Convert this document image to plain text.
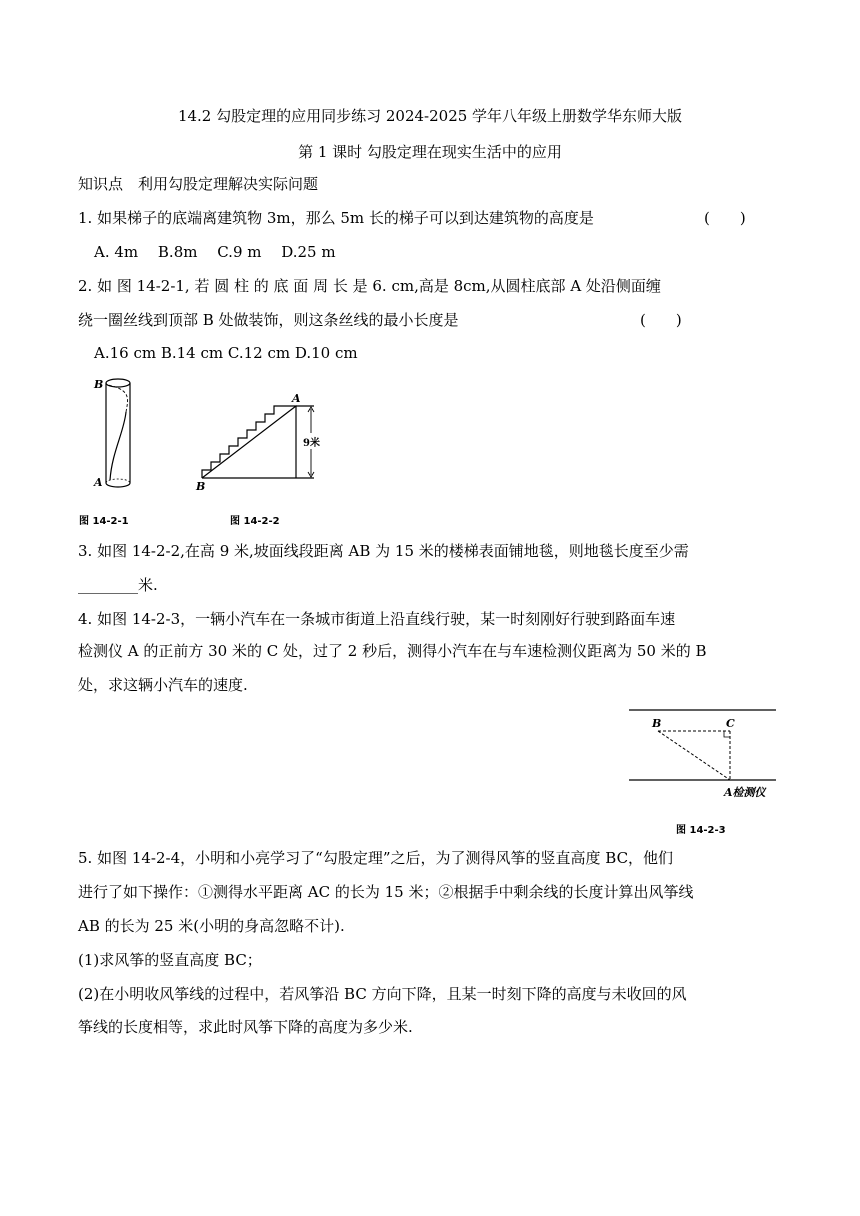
14.2 勾股定理的应用同步练习 2024-2025 学年八年级上册数学华东师大版
第 1 课时 勾股定理在现实生活中的应用
知识点　利用勾股定理解决实际问题
1. 如果梯子的底端离建筑物 3m，那么 5m 长的梯子可以到达建筑物的高度是	(　　)
A. 4m　 B.8m　 C.9 m　 D.25 m
2. 如 图 14-2-1, 若 圆 柱 的 底 面 周 长 是 6. cm,高是 8cm,从圆柱底部 A 处沿侧面缠
绕一圈丝线到顶部 B 处做装饰，则这条丝线的最小长度是	(　　)
A.16 cm B.14 cm C.12 cm D.10 cm
B
A
图 14-2-1
9米
A
B
图 14-2-2
3. 如图 14-2-2,在高 9 米,坡面线段距离 AB 为 15 米的楼梯表面铺地毯，则地毯长度至少需
________米.
4. 如图 14-2-3，一辆小汽车在一条城市街道上沿直线行驶，某一时刻刚好行驶到路面车速
检测仪 A 的正前方 30 米的 C 处，过了 2 秒后，测得小汽车在与车速检测仪距离为 50 米的 B
处，求这辆小汽车的速度.
B	C
A检测仪
图 14-2-3
5. 如图 14-2-4，小明和小亮学习了“勾股定理”之后，为了测得风筝的竖直高度 BC，他们
进行了如下操作：①测得水平距离 AC 的长为 15 米；②根据手中剩余线的长度计算出风筝线
AB 的长为 25 米(小明的身高忽略不计).
(1)求风筝的竖直高度 BC；
(2)在小明收风筝线的过程中，若风筝沿 BC 方向下降，且某一时刻下降的高度与未收回的风
筝线的长度相等，求此时风筝下降的高度为多少米.
